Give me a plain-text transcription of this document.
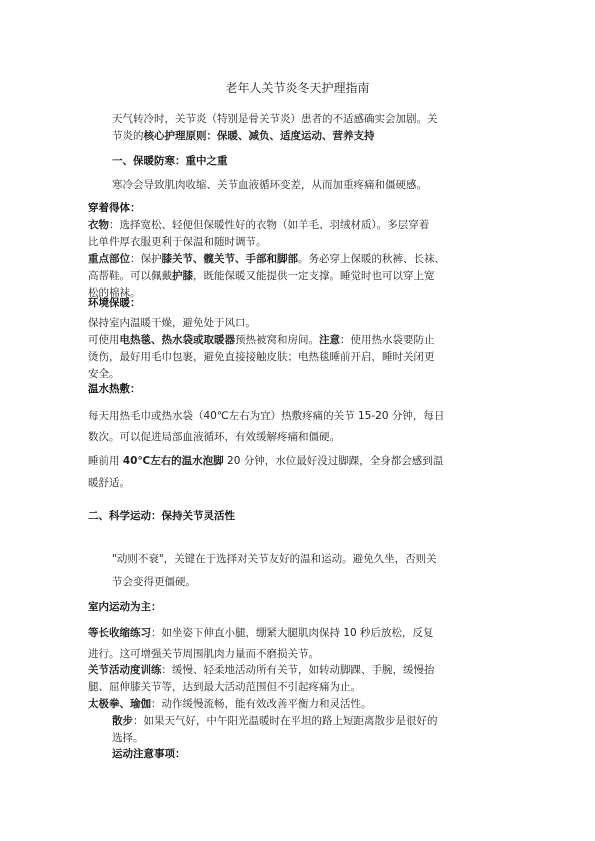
老年人关节炎冬天护理指南

天气转冷时，关节炎（特别是骨关节炎）患者的不适感确实会加剧。关

节炎的核心护理原则：保暖、减负、适度运动、营养支持

一、保暖防寒：重中之重

寒冷会导致肌肉收缩、关节血液循环变差，从而加重疼痛和僵硬感。

穿着得体：

衣物：选择宽松、轻便但保暖性好的衣物（如羊毛、羽绒材质）。多层穿着

比单件厚衣服更利于保温和随时调节。

重点部位：保护膝关节、髋关节、手部和脚部。务必穿上保暖的秋裤、长袜、

高帮鞋。可以佩戴护膝，既能保暖又能提供一定支撑。睡觉时也可以穿上宽

松的棉袜。

环境保暖：

保持室内温暖干燥，避免处于风口。

可使用电热毯、热水袋或取暖器预热被窝和房间。注意：使用热水袋要防止

烫伤，最好用毛巾包裹，避免直接接触皮肤；电热毯睡前开启，睡时关闭更

安全。

温水热敷：

每天用热毛巾或热水袋（40℃左右为宜）热敷疼痛的关节 15-20 分钟，每日

数次。可以促进局部血液循环，有效缓解疼痛和僵硬。

睡前用 40℃左右的温水泡脚 20 分钟，水位最好没过脚踝，全身都会感到温

暖舒适。

二、科学运动：保持关节灵活性

"动则不衰"，关键在于选择对关节友好的温和运动。避免久坐，否则关

节会变得更僵硬。

室内运动为主：

等长收缩练习：如坐姿下伸直小腿，绷紧大腿肌肉保持 10 秒后放松，反复

进行。这可增强关节周围肌肉力量而不磨损关节。

关节活动度训练：缓慢、轻柔地活动所有关节，如转动脚踝、手腕，缓慢抬

腿、屈伸膝关节等，达到最大活动范围但不引起疼痛为止。

太极拳、瑜伽：动作缓慢流畅，能有效改善平衡力和灵活性。

散步：如果天气好，中午阳光温暖时在平坦的路上短距离散步是很好的

选择。

运动注意事项：
